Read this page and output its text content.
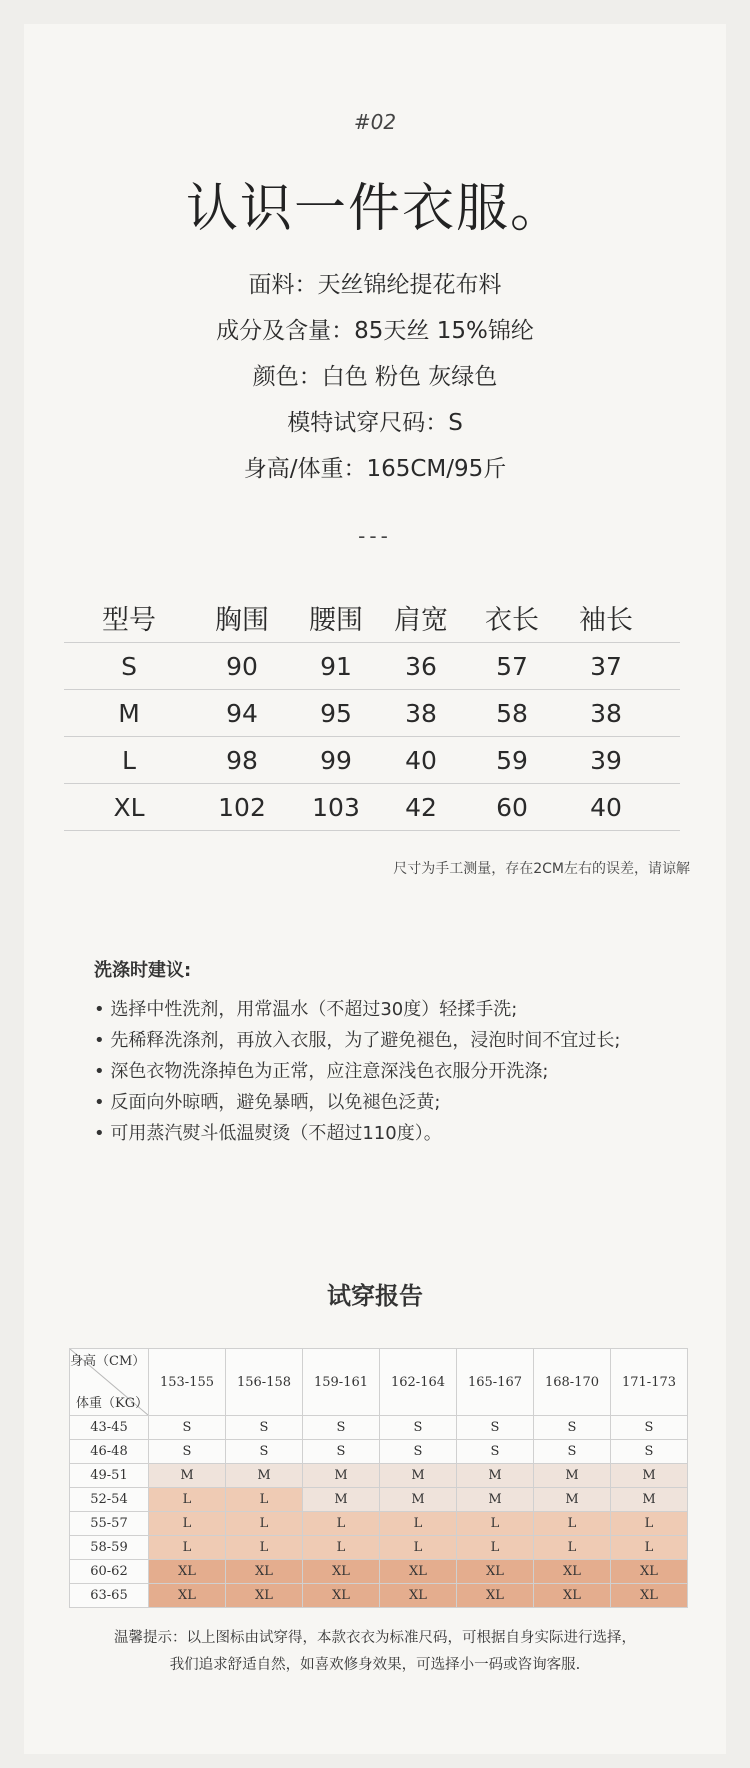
#02
认识一件衣服。
面料：天丝锦纶提花布料
成分及含量：85天丝 15%锦纶
颜色：白色 粉色 灰绿色
模特试穿尺码：S
身高/体重：165CM/95斤
---
型号	胸围	腰围	肩宽	衣长	袖长
S	90	91	36	57	37
M	94	95	38	58	38
L	98	99	40	59	39
XL	102	103	42	60	40
尺寸为手工测量，存在2CM左右的误差，请谅解
洗涤时建议:
• 选择中性洗剂，用常温水（不超过30度）轻揉手洗;
• 先稀释洗涤剂，再放入衣服，为了避免褪色，浸泡时间不宜过长;
• 深色衣物洗涤掉色为正常，应注意深浅色衣服分开洗涤;
• 反面向外晾晒，避免暴晒，以免褪色泛黄;
• 可用蒸汽熨斗低温熨烫（不超过110度）。
试穿报告
身高（CM）
体重（KG）	153-155	156-158	159-161	162-164	165-167	168-170	171-173
43-45	S	S	S	S	S	S	S
46-48	S	S	S	S	S	S	S
49-51	M	M	M	M	M	M	M
52-54	L	L	M	M	M	M	M
55-57	L	L	L	L	L	L	L
58-59	L	L	L	L	L	L	L
60-62	XL	XL	XL	XL	XL	XL	XL
63-65	XL	XL	XL	XL	XL	XL	XL
温馨提示：以上图标由试穿得，本款衣衣为标准尺码，可根据自身实际进行选择，
我们追求舒适自然，如喜欢修身效果，可选择小一码或咨询客服.
